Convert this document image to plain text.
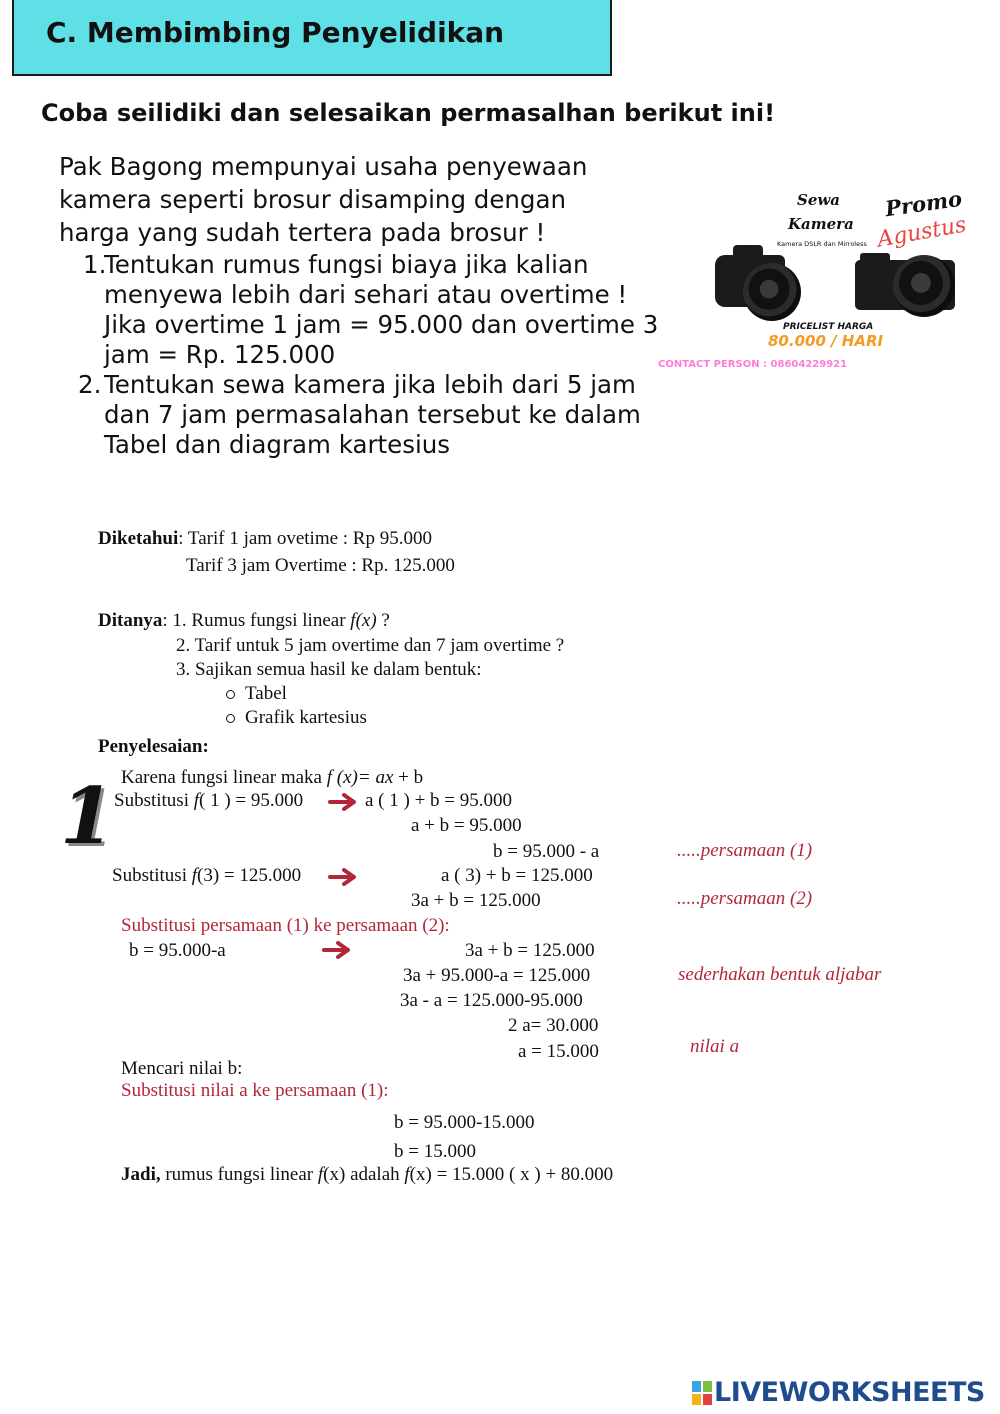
C. Membimbing Penyelidikan
Coba seilidiki dan selesaikan permasalhan berikut ini!
Pak Bagong mempunyai usaha penyewaan
kamera seperti brosur disamping dengan
harga yang sudah tertera pada brosur !
1.
Tentukan rumus fungsi biaya jika kalian
menyewa lebih dari sehari atau overtime !
Jika overtime 1 jam = 95.000 dan overtime 3
jam = Rp. 125.000
2. Tentukan sewa kamera jika lebih dari 5 jam
dan 7 jam permasalahan tersebut ke dalam
Tabel dan diagram kartesius
Sewa
Kamera
Kamera DSLR dan Mirroless
Promo
Agustus
PRICELIST HARGA
80.000 / HARI
CONTACT PERSON : 08604229921
Diketahui: Tarif 1 jam ovetime : Rp 95.000
Tarif 3 jam Overtime : Rp. 125.000
Ditanya: 1. Rumus fungsi linear f(x) ?
2. Tarif untuk 5 jam overtime dan 7 jam overtime ?
3. Sajikan semua hasil ke dalam bentuk:
Tabel
Grafik kartesius
Penyelesaian:
1 Karena fungsi linear maka f (x)= ax + b
Substitusi f( 1 ) = 95.000	a ( 1 ) + b = 95.000
a + b = 95.000
b = 95.000 - a	.....persamaan (1)
Substitusi f(3) = 125.000	a ( 3) + b = 125.000
3a + b = 125.000	.....persamaan (2)
Substitusi persamaan (1) ke persamaan (2):
b = 95.000-a	3a + b = 125.000
3a + 95.000-a = 125.000	sederhakan bentuk aljabar
3a - a = 125.000-95.000
2 a= 30.000
a = 15.000	nilai a
Mencari nilai b:
Substitusi nilai a ke persamaan (1):
b = 95.000-15.000
b = 15.000
Jadi, rumus fungsi linear f(x) adalah f(x) = 15.000 ( x ) + 80.000
LIVEWORKSHEETS
